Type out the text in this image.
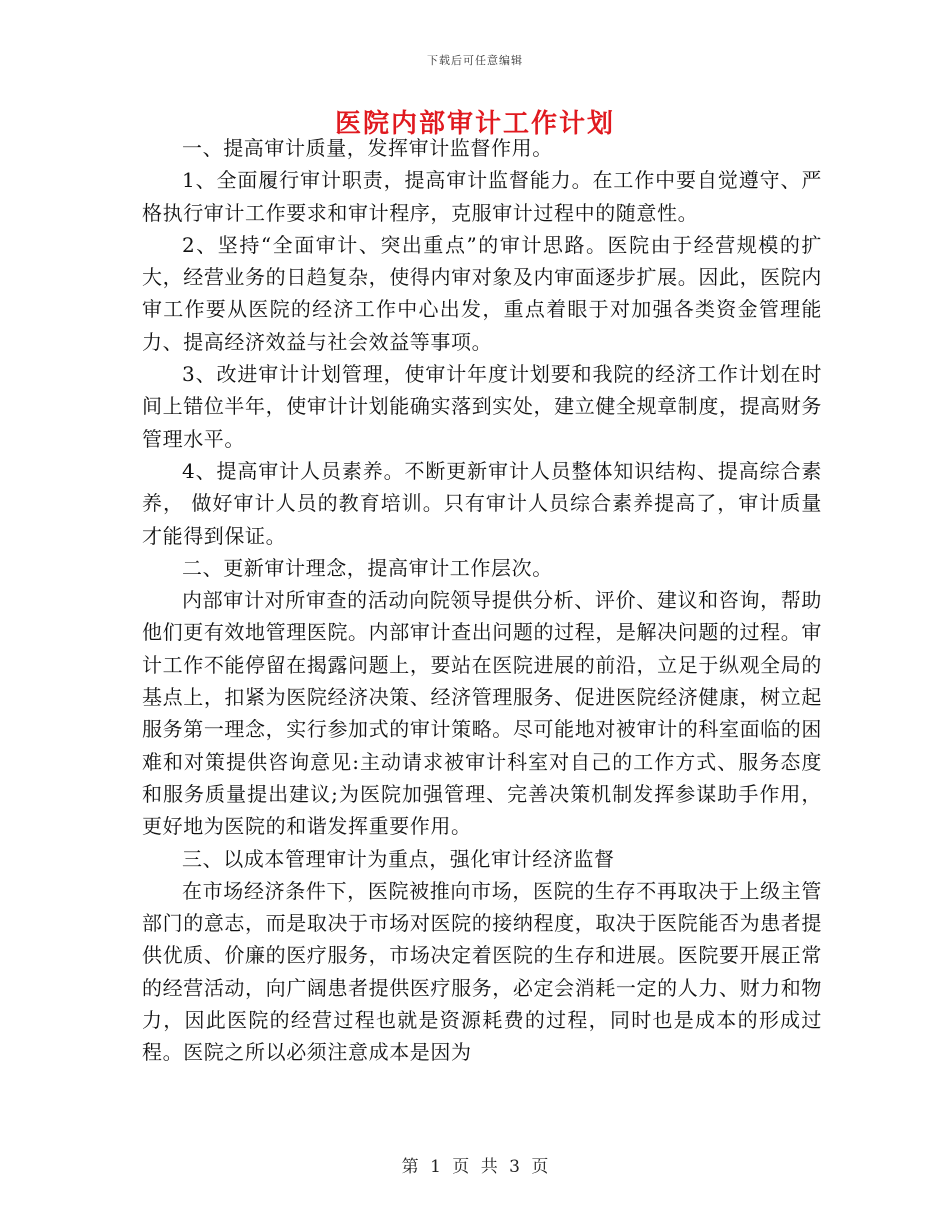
下载后可任意编辑
医院内部审计工作计划

一、提高审计质量，发挥审计监督作用。

1、全面履行审计职责，提高审计监督能力。在工作中要自觉遵守、严格执行审计工作要求和审计程序，克服审计过程中的随意性。

2、坚持“全面审计、突出重点”的审计思路。医院由于经营规模的扩大，经营业务的日趋复杂，使得内审对象及内审面逐步扩展。因此，医院内审工作要从医院的经济工作中心出发，重点着眼于对加强各类资金管理能力、提高经济效益与社会效益等事项。

3、改进审计计划管理，使审计年度计划要和我院的经济工作计划在时间上错位半年，使审计计划能确实落到实处，建立健全规章制度，提高财务管理水平。

4、提高审计人员素养。不断更新审计人员整体知识结构、提高综合素养， 做好审计人员的教育培训。只有审计人员综合素养提高了，审计质量才能得到保证。

二、更新审计理念，提高审计工作层次。

内部审计对所审查的活动向院领导提供分析、评价、建议和咨询，帮助他们更有效地管理医院。内部审计查出问题的过程，是解决问题的过程。审计工作不能停留在揭露问题上，要站在医院进展的前沿，立足于纵观全局的基点上，扣紧为医院经济决策、经济管理服务、促进医院经济健康，树立起服务第一理念，实行参加式的审计策略。尽可能地对被审计的科室面临的困难和对策提供咨询意见:主动请求被审计科室对自己的工作方式、服务态度和服务质量提出建议;为医院加强管理、完善决策机制发挥参谋助手作用，更好地为医院的和谐发挥重要作用。

三、以成本管理审计为重点，强化审计经济监督

在市场经济条件下，医院被推向市场，医院的生存不再取决于上级主管部门的意志，而是取决于市场对医院的接纳程度，取决于医院能否为患者提供优质、价廉的医疗服务，市场决定着医院的生存和进展。医院要开展正常的经营活动，向广阔患者提供医疗服务，必定会消耗一定的人力、财力和物力，因此医院的经营过程也就是资源耗费的过程，同时也是成本的形成过程。医院之所以必须注意成本是因为

第 1 页 共 3 页
